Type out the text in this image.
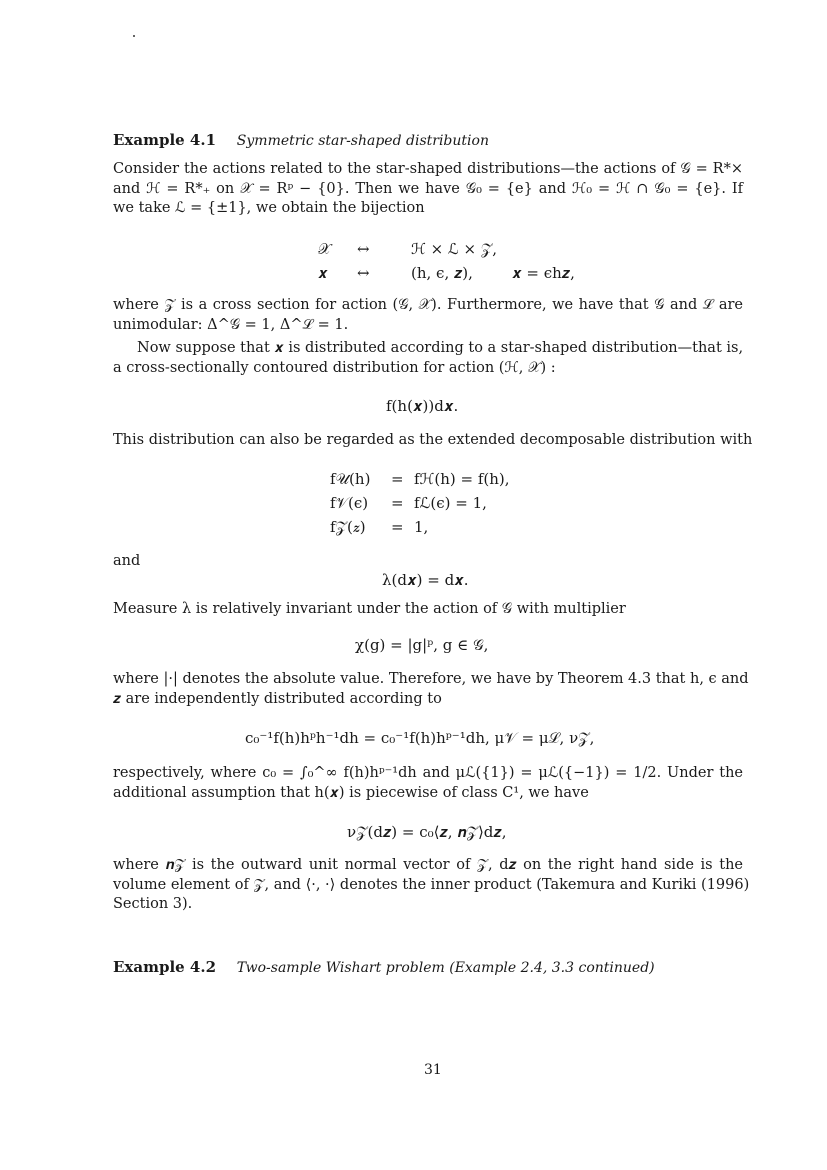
Example 4.1 Symmetric star-shaped distribution
Consider the actions related to the star-shaped distributions—the actions of 𝒢 = R*×
and ℋ = R*₊ on 𝒳 = Rᵖ − {0}. Then we have 𝒢₀ = {e} and ℋ₀ = ℋ ∩ 𝒢₀ = {e}. If
we take ℒ = {±1}, we obtain the bijection
𝒳 ↔	ℋ × ℒ × 𝒵,
𝒙 ↔	(h, ϵ, 𝒛),	𝒙 = ϵh𝒛,
where 𝒵 is a cross section for action (𝒢, 𝒳). Furthermore, we have that 𝒢 and ℒ are
unimodular: Δ^𝒢 = 1, Δ^ℒ = 1.
Now suppose that 𝒙 is distributed according to a star-shaped distribution—that is,
a cross-sectionally contoured distribution for action (ℋ, 𝒳) :
f(h(𝒙))d𝒙.
This distribution can also be regarded as the extended decomposable distribution with
f𝒰(h) = fℋ(h) = f(h),
f𝒱(ϵ) = fℒ(ϵ) = 1,
f𝒵(𝒛) = 1,
and
λ(d𝒙) = d𝒙.
Measure λ is relatively invariant under the action of 𝒢 with multiplier
χ(g) = |g|ᵖ, g ∈ 𝒢,
where |·| denotes the absolute value. Therefore, we have by Theorem 4.3 that h, ϵ and
𝒛 are independently distributed according to
c₀⁻¹f(h)hᵖh⁻¹dh = c₀⁻¹f(h)hᵖ⁻¹dh, μ𝒱 = μℒ, ν𝒵,
respectively, where c₀ = ∫₀^∞ f(h)hᵖ⁻¹dh and μℒ({1}) = μℒ({−1}) = 1/2. Under the
additional assumption that h(𝒙) is piecewise of class C¹, we have
ν𝒵(d𝒛) = c₀⟨𝒛, 𝒏𝒵⟩d𝒛,
where 𝒏𝒵 is the outward unit normal vector of 𝒵, d𝒛 on the right hand side is the
volume element of 𝒵, and ⟨·, ·⟩ denotes the inner product (Takemura and Kuriki (1996)
Section 3).
Example 4.2 Two-sample Wishart problem (Example 2.4, 3.3 continued)
31
